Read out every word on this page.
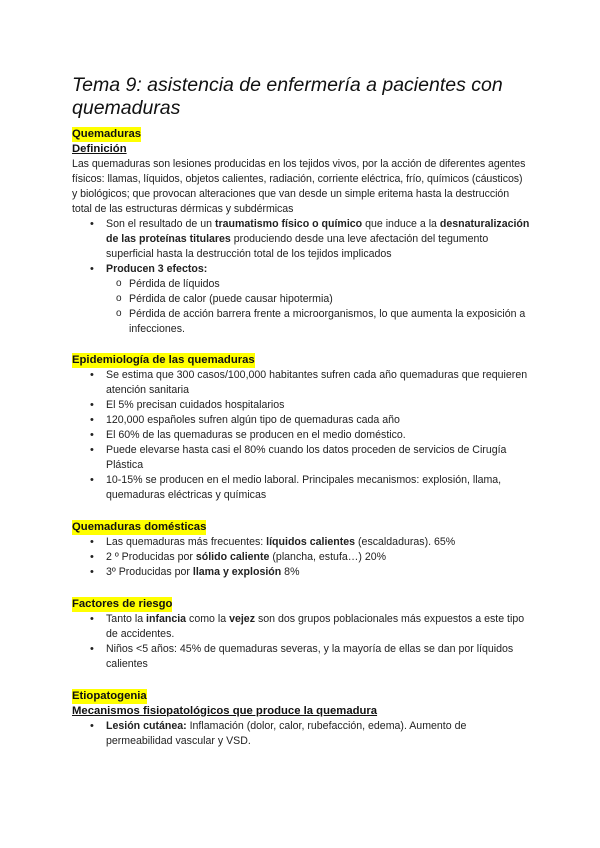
Tema 9: asistencia de enfermería a pacientes con quemaduras
Quemaduras
Definición

Las quemaduras son lesiones producidas en los tejidos vivos, por la acción de diferentes agentes físicos: llamas, líquidos, objetos calientes, radiación, corriente eléctrica, frío, químicos (cáusticos) y biológicos; que provocan alteraciones que van desde un simple eritema hasta la destrucción total de las estructuras dérmicas y subdérmicas

• Son el resultado de un traumatismo físico o químico que induce a la desnaturalización de las proteínas titulares produciendo desde una leve afectación del tegumento superficial hasta la destrucción total de los tejidos implicados
• Producen 3 efectos:
o Pérdida de líquidos
o Pérdida de calor (puede causar hipotermia)
o Pérdida de acción barrera frente a microorganismos, lo que aumenta la exposición a infecciones.
Epidemiología de las quemaduras
• Se estima que 300 casos/100,000 habitantes sufren cada año quemaduras que requieren atención sanitaria
• El 5% precisan cuidados hospitalarios
• 120,000 españoles sufren algún tipo de quemaduras cada año
• El 60% de las quemaduras se producen en el medio doméstico.
• Puede elevarse hasta casi el 80% cuando los datos proceden de servicios de Cirugía Plástica
• 10-15% se producen en el medio laboral. Principales mecanismos: explosión, llama, quemaduras eléctricas y químicas
Quemaduras domésticas
• Las quemaduras más frecuentes: líquidos calientes (escaldaduras). 65%
• 2 º Producidas por sólido caliente (plancha, estufa…) 20%
• 3º Producidas por llama y explosión 8%
Factores de riesgo
• Tanto la infancia como la vejez son dos grupos poblacionales más expuestos a este tipo de accidentes.
• Niños <5 años: 45% de quemaduras severas, y la mayoría de ellas se dan por líquidos calientes
Etiopatogenia
Mecanismos fisiopatológicos que produce la quemadura
• Lesión cutánea: Inflamación (dolor, calor, rubefacción, edema). Aumento de permeabilidad vascular y VSD.
